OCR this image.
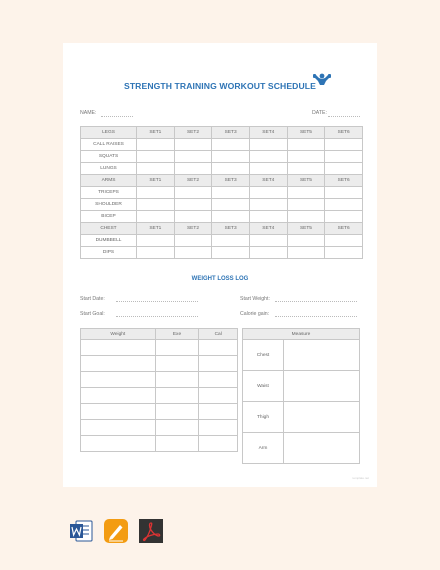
STRENGTH TRAINING WORKOUT SCHEDULE
NAME:	DATE:
LEGS	SET1	SET2	SET3	SET4	SET5	SET6
CALL RAISES						
SQUATS						
LUNGS						
ARMS	SET1	SET2	SET3	SET4	SET5	SET6
TRICEPS						
SHOULDER						
BICEP						
CHEST	SET1	SET2	SET3	SET4	SET5	SET6
DUMBBELL						
DIPS						
WEIGHT LOSS LOG
Start Date:	Start Weight:
Start Goal:	Calorie gain:
Weight	Exe	Cal

			Measure	
Chest	
Waist	
Thigh	
Arm	
template.net
